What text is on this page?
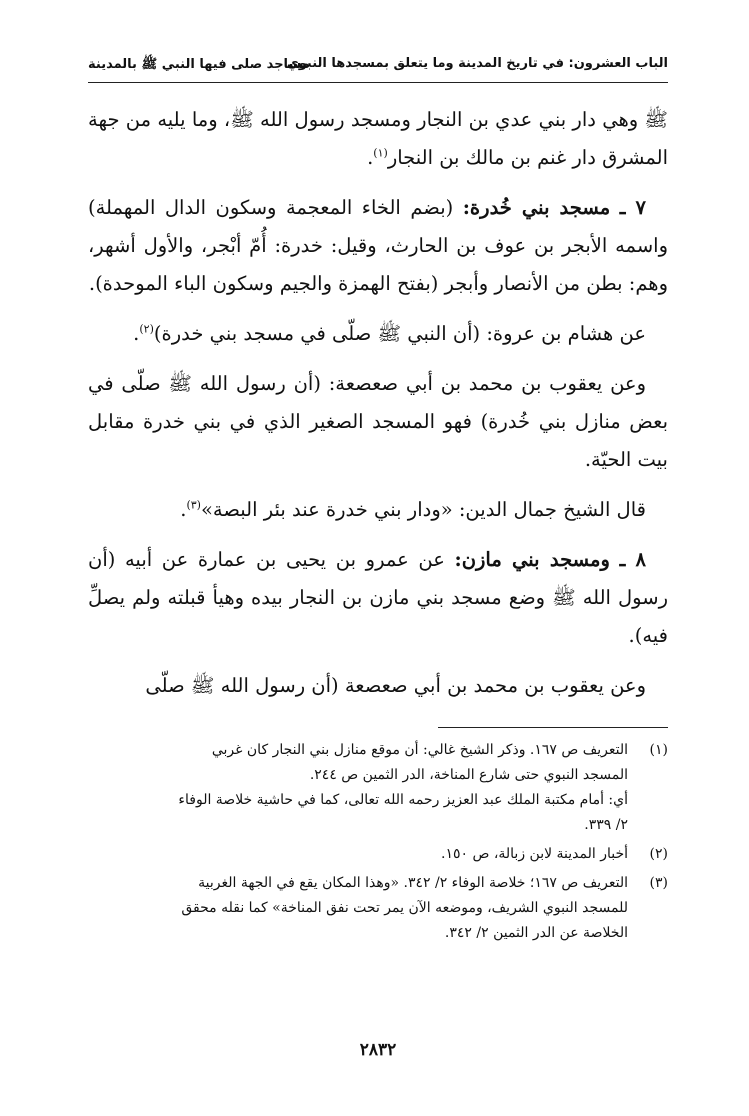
الباب العشرون: في تاريخ المدينة وما يتعلق بمسجدها النبوي
مساجد صلى فيها النبي ﷺ بالمدينة

ﷺ وهي دار بني عدي بن النجار ومسجد رسول الله ﷺ، وما يليه من جهة المشرق دار غنم بن مالك بن النجار$^{(١)}$.

٧ ـ مسجد بني خُدرة: (بضم الخاء المعجمة وسكون الدال المهملة) واسمه الأبجر بن عوف بن الحارث، وقيل: خدرة: أُمّ أبْجر، والأول أشهر، وهم: بطن من الأنصار وأبجر (بفتح الهمزة والجيم وسكون الباء الموحدة).

عن هشام بن عروة: (أن النبي ﷺ صلّى في مسجد بني خدرة)$^{(٢)}$.

وعن يعقوب بن محمد بن أبي صعصعة: (أن رسول الله ﷺ صلّى في بعض منازل بني خُدرة) فهو المسجد الصغير الذي في بني خدرة مقابل بيت الحيّة.

قال الشيخ جمال الدين: «ودار بني خدرة عند بئر البصة»$^{(٣)}$.

٨ ـ ومسجد بني مازن: عن عمرو بن يحيى بن عمارة عن أبيه (أن رسول الله ﷺ وضع مسجد بني مازن بن النجار بيده وهيأ قبلته ولم يصلِّ فيه).

وعن يعقوب بن محمد بن أبي صعصعة (أن رسول الله ﷺ صلّى

(١)
التعريف ص ١٦٧. وذكر الشيخ غالي: أن موقع منازل بني النجار كان غربي
المسجد النبوي حتى شارع المناخة، الدر الثمين ص ٢٤٤.
أي: أمام مكتبة الملك عبد العزيز رحمه الله تعالى، كما في حاشية خلاصة الوفاء
٢/ ٣٣٩.
(٢)
أخبار المدينة لابن زبالة، ص ١٥٠.
(٣)
التعريف ص ١٦٧؛ خلاصة الوفاء ٢/ ٣٤٢. «وهذا المكان يقع في الجهة الغربية
للمسجد النبوي الشريف، وموضعه الآن يمر تحت نفق المناخة» كما نقله محقق
الخلاصة عن الدر الثمين ٢/ ٣٤٢.
٢٨٣٢
